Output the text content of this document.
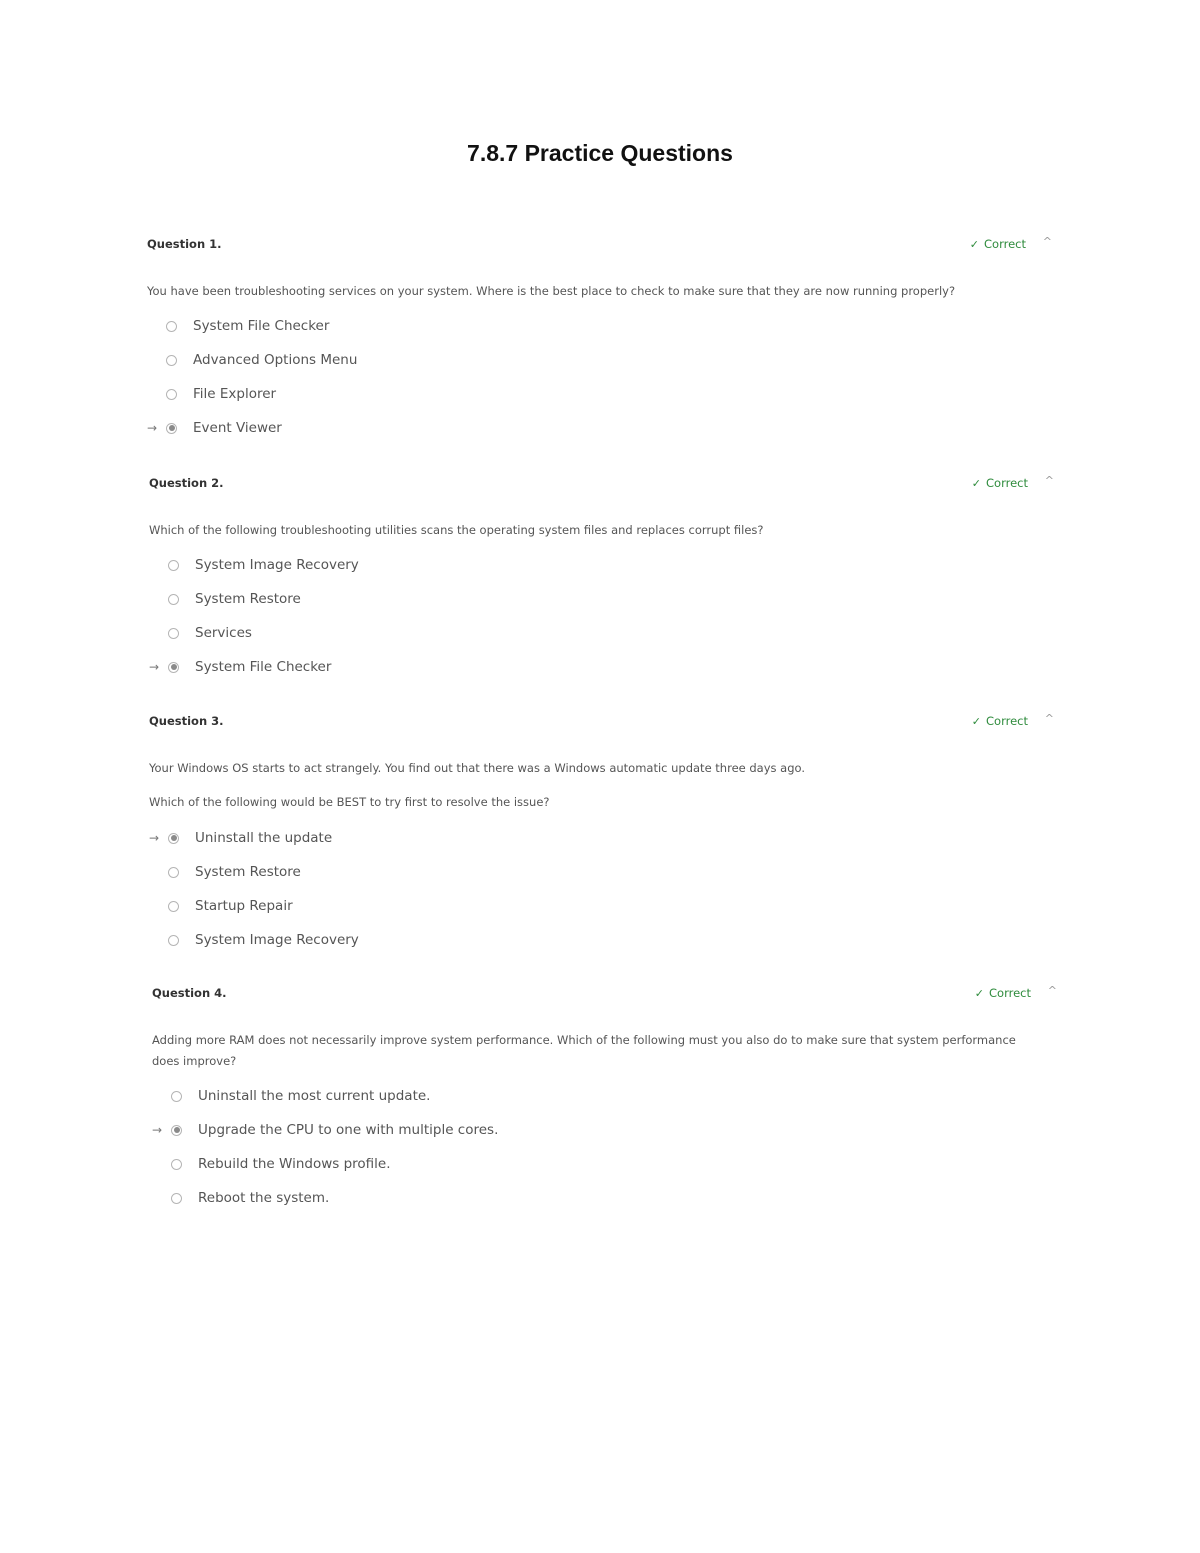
7.8.7 Practice Questions
Question 1.	✓ Correct ^

You have been troubleshooting services on your system. Where is the best place to check to make sure that they are now running properly?

System File Checker
Advanced Options Menu
File Explorer
→	Event Viewer
Question 2.	✓ Correct ^

Which of the following troubleshooting utilities scans the operating system files and replaces corrupt files?

System Image Recovery
System Restore
Services
→	System File Checker
Question 3.	✓ Correct ^

Your Windows OS starts to act strangely. You find out that there was a Windows automatic update three days ago.

Which of the following would be BEST to try first to resolve the issue?

→	Uninstall the update
System Restore
Startup Repair
System Image Recovery
Question 4.	✓ Correct ^

Adding more RAM does not necessarily improve system performance. Which of the following must you also do to make sure that system performance does improve?

Uninstall the most current update.
→	Upgrade the CPU to one with multiple cores.
Rebuild the Windows profile.
Reboot the system.
